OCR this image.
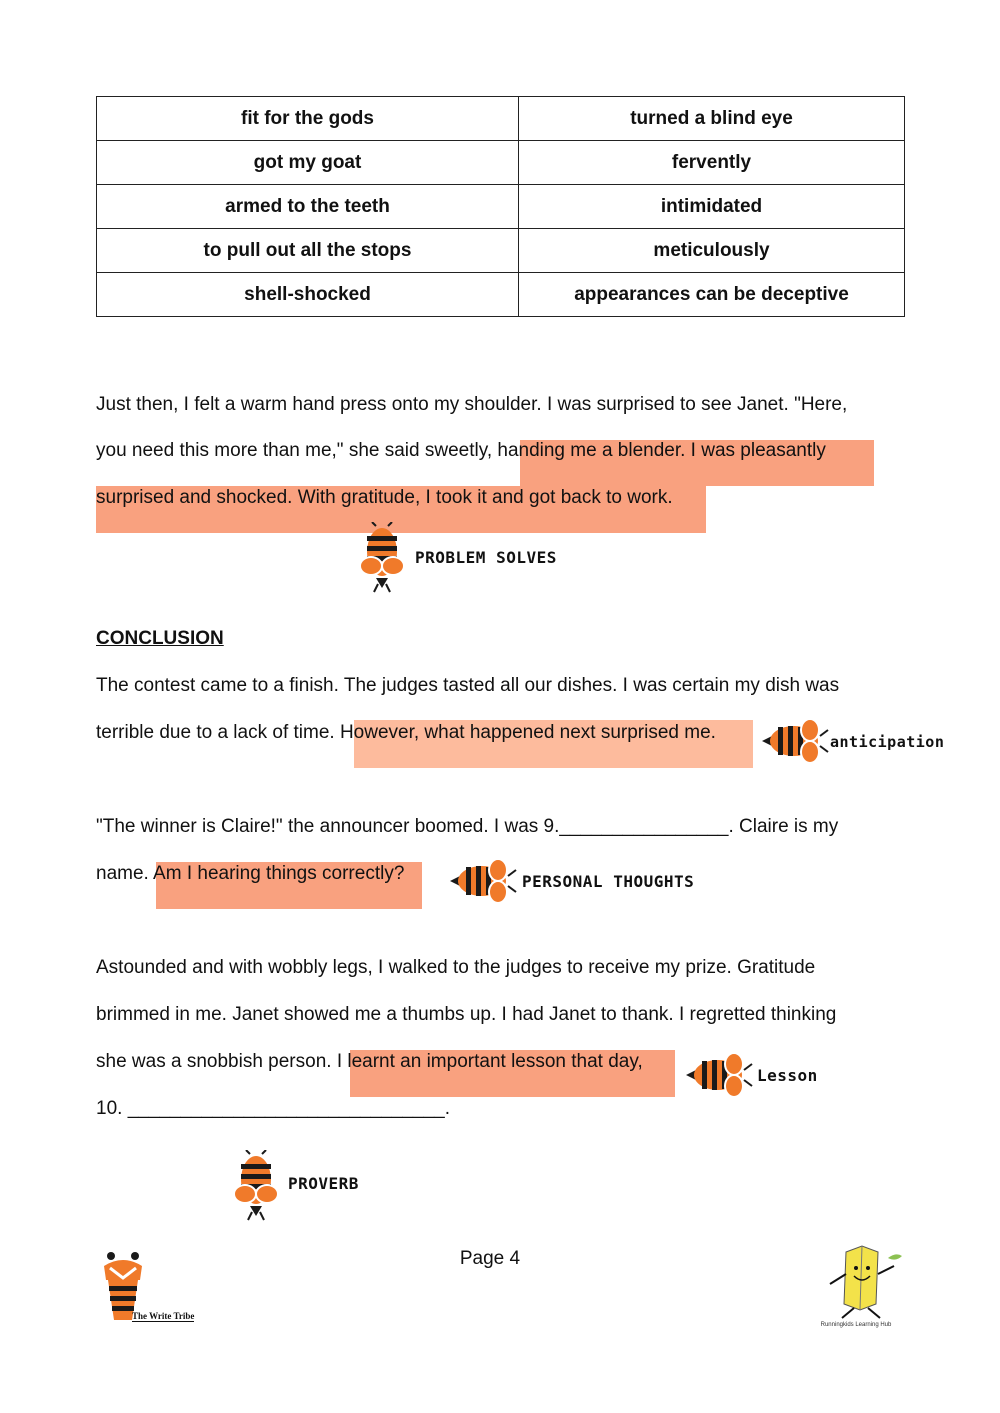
fit for the gods	turned a blind eye
got my goat	fervently
armed to the teeth	intimidated
to pull out all the stops	meticulously
shell-shocked	appearances can be deceptive
Just then, I felt a warm hand press onto my shoulder. I was surprised to see Janet. "Here,
you need this more than me," she said sweetly, handing me a blender. I was pleasantly
surprised and shocked. With gratitude, I took it and got back to work.
PROBLEM SOLVES
CONCLUSION
The contest came to a finish. The judges tasted all our dishes. I was certain my dish was
terrible due to a lack of time. However, what happened next surprised me.	anticipation
"The winner is Claire!" the announcer boomed. I was 9.________________. Claire is my
name. Am I hearing things correctly?	PERSONAL THOUGHTS
Astounded and with wobbly legs, I walked to the judges to receive my prize. Gratitude
brimmed in me. Janet showed me a thumbs up. I had Janet to thank. I regretted thinking
she was a snobbish person. I learnt an important lesson that day,
Lesson
10. ______________________________.
PROVERB
Page 4
The Write Tribe
Runningkids Learning Hub
